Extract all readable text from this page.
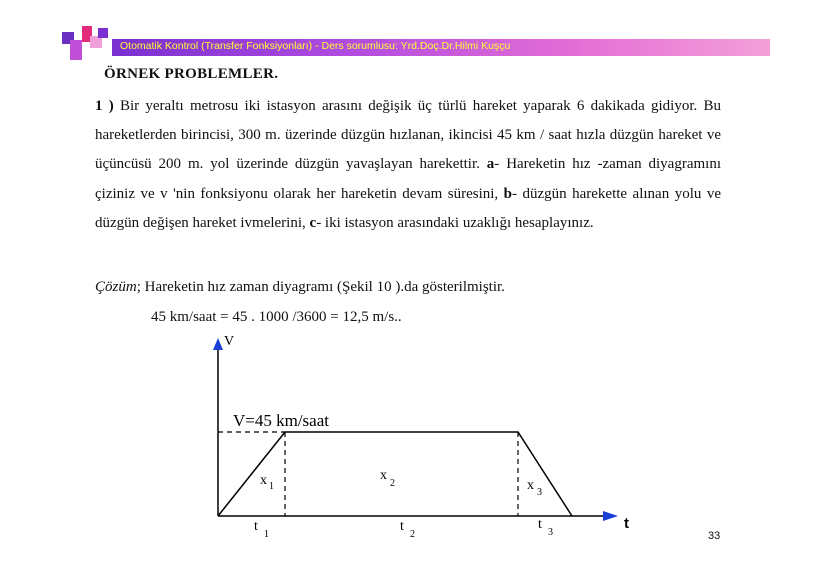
Otomatik Kontrol (Transfer Fonksiyonları) - Ders sorumlusu: Yrd.Doç.Dr.Hilmi Kuşçu
ÖRNEK PROBLEMLER.
1 ) Bir yeraltı metrosu iki istasyon arasını değişik üç türlü hareket yaparak 6 dakikada gidiyor. Bu hareketlerden birincisi, 300 m. üzerinde düzgün hızlanan, ikincisi 45 km / saat hızla düzgün hareket ve üçüncüsü 200 m. yol üzerinde düzgün yavaşlayan harekettir. a- Hareketin hız -zaman diyagramını çiziniz ve v 'nin fonksiyonu olarak her hareketin devam süresini, b- düzgün harekette alınan yolu ve düzgün değişen hareket ivmelerini, c- iki istasyon arasındaki uzaklığı hesaplayınız.
Çözüm; Hareketin hız zaman diyagramı (Şekil 10 ).da gösterilmiştir.
45 km/saat = 45 . 1000 /3600 = 12,5 m/s..
V
t
V=45 km/saat
x 1
x
2	x 3
t
1
t
2
t
3	33
